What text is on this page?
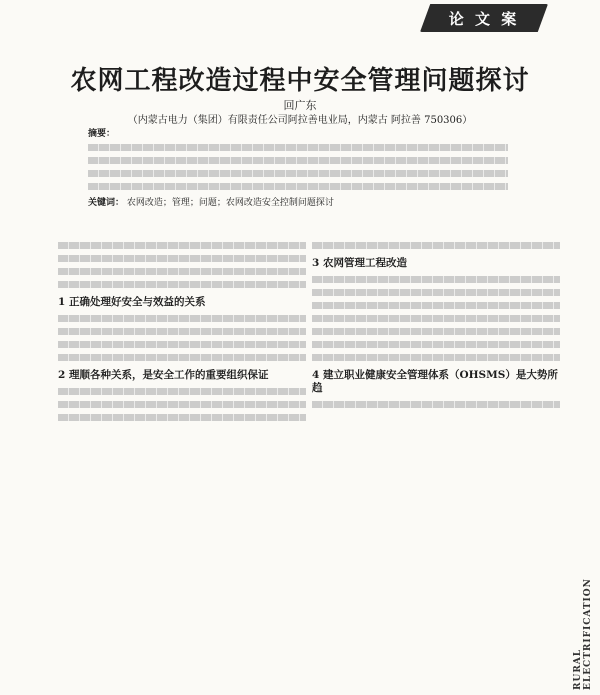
论 文 案
农网工程改造过程中安全管理问题探讨
回广东
（内蒙古电力（集团）有限责任公司阿拉善电业局，内蒙古 阿拉善 750306）
摘要：
关键词： 农网改造；管理；问题；农网改造安全控制问题探讨
1 正确处理好安全与效益的关系
2 理顺各种关系，是安全工作的重要组织保证
3 农网管理工程改造
4 建立职业健康安全管理体系（OHSMS）是大势所趋
RURAL ELECTRIFICATION
